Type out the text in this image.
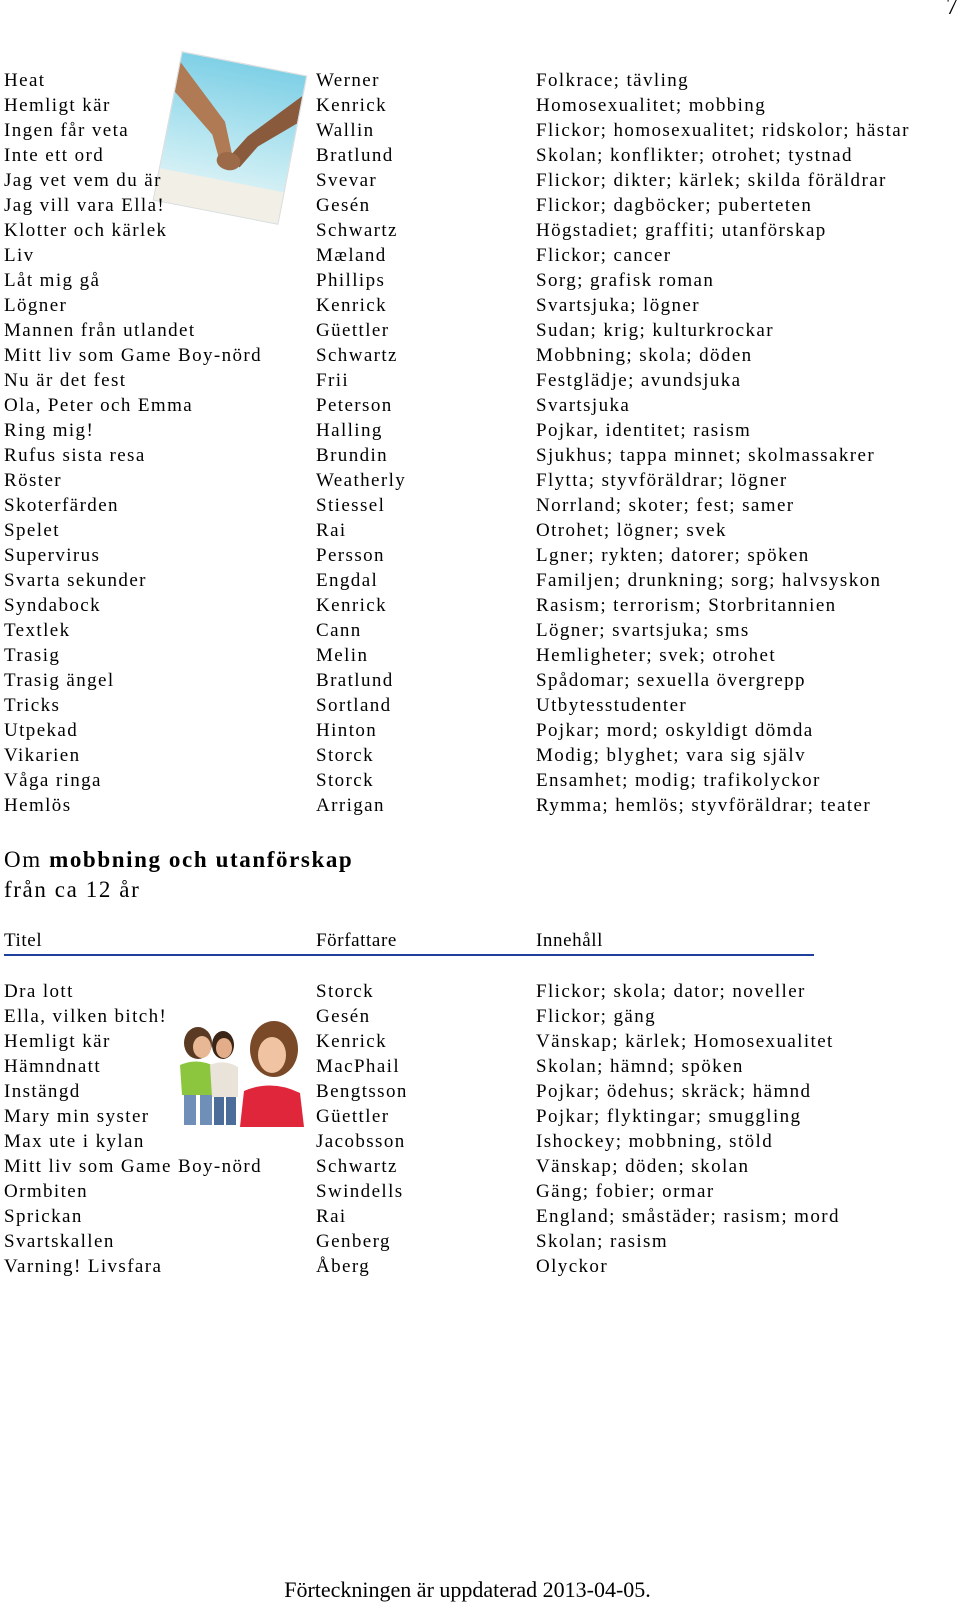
7
Heat	Werner	Folkrace; tävling
Hemligt kär	Kenrick	Homosexualitet; mobbing
Ingen får veta	Wallin	Flickor; homosexualitet; ridskolor; hästar
Inte ett ord	Bratlund	Skolan; konflikter; otrohet; tystnad
Jag vet vem du är	Svevar	Flickor; dikter; kärlek; skilda föräldrar
Jag vill vara Ella!	Gesén	Flickor; dagböcker; puberteten
Klotter och kärlek	Schwartz	Högstadiet; graffiti; utanförskap
Liv	Mæland	Flickor; cancer
Låt mig gå	Phillips	Sorg; grafisk roman
Lögner	Kenrick	Svartsjuka; lögner
Mannen från utlandet	Güettler	Sudan; krig; kulturkrockar
Mitt liv som Game Boy-nörd	Schwartz	Mobbning; skola; döden
Nu är det fest	Frii	Festglädje; avundsjuka
Ola, Peter och Emma	Peterson	Svartsjuka
Ring mig!	Halling	Pojkar, identitet; rasism
Rufus sista resa	Brundin	Sjukhus; tappa minnet; skolmassakrer
Röster	Weatherly	Flytta; styvföräldrar; lögner
Skoterfärden	Stiessel	Norrland; skoter; fest; samer
Spelet	Rai	Otrohet; lögner; svek
Supervirus	Persson	Lgner; rykten; datorer; spöken
Svarta sekunder	Engdal	Familjen; drunkning; sorg; halvsyskon
Syndabock	Kenrick	Rasism; terrorism; Storbritannien
Textlek	Cann	Lögner; svartsjuka; sms
Trasig	Melin	Hemligheter; svek; otrohet
Trasig ängel	Bratlund	Spådomar; sexuella övergrepp
Tricks	Sortland	Utbytesstudenter
Utpekad	Hinton	Pojkar; mord; oskyldigt dömda
Vikarien	Storck	Modig; blyghet; vara sig själv
Våga ringa	Storck	Ensamhet; modig; trafikolyckor
Hemlös	Arrigan	Rymma; hemlös; styvföräldrar; teater
Om mobbning och utanförskap
från ca 12 år
Titel	Författare	Innehåll
Dra lott	Storck	Flickor; skola; dator; noveller
Ella, vilken bitch!	Gesén	Flickor; gäng
Hemligt kär	Kenrick	Vänskap; kärlek; Homosexualitet
Hämndnatt	MacPhail	Skolan; hämnd; spöken
Instängd	Bengtsson	Pojkar; ödehus; skräck; hämnd
Mary min syster	Güettler	Pojkar; flyktingar; smuggling
Max ute i kylan	Jacobsson	Ishockey; mobbning, stöld
Mitt liv som Game Boy-nörd	Schwartz	Vänskap; döden; skolan
Ormbiten	Swindells	Gäng; fobier; ormar
Sprickan	Rai	England; småstäder; rasism; mord
Svartskallen	Genberg	Skolan; rasism
Varning! Livsfara	Åberg	Olyckor
Förteckningen är uppdaterad 2013-04-05.
